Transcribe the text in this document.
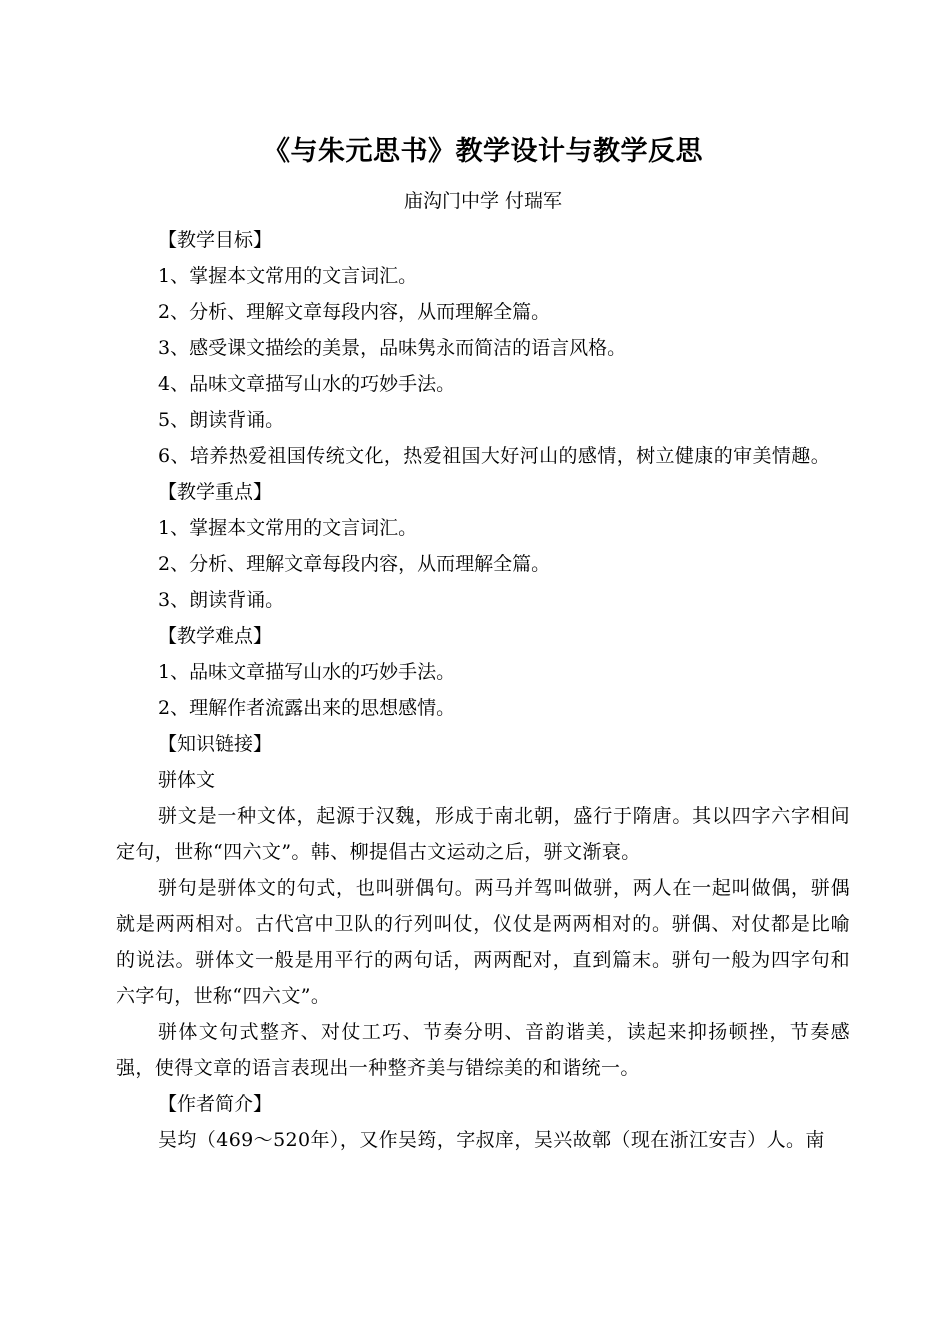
《与朱元思书》教学设计与教学反思
庙沟门中学 付瑞军

【教学目标】

1、掌握本文常用的文言词汇。

2、分析、理解文章每段内容，从而理解全篇。

3、感受课文描绘的美景，品味隽永而简洁的语言风格。

4、品味文章描写山水的巧妙手法。

5、朗读背诵。

6、培养热爱祖国传统文化，热爱祖国大好河山的感情，树立健康的审美情趣。

【教学重点】

1、掌握本文常用的文言词汇。

2、分析、理解文章每段内容，从而理解全篇。

3、朗读背诵。

【教学难点】

1、品味文章描写山水的巧妙手法。

2、理解作者流露出来的思想感情。

【知识链接】

骈体文

骈文是一种文体，起源于汉魏，形成于南北朝，盛行于隋唐。其以四字六字相间定句，世称“四六文”。韩、柳提倡古文运动之后，骈文渐衰。

骈句是骈体文的句式，也叫骈偶句。两马并驾叫做骈，两人在一起叫做偶，骈偶就是两两相对。古代宫中卫队的行列叫仗，仪仗是两两相对的。骈偶、对仗都是比喻的说法。骈体文一般是用平行的两句话，两两配对，直到篇末。骈句一般为四字句和六字句，世称“四六文”。

骈体文句式整齐、对仗工巧、节奏分明、音韵谐美，读起来抑扬顿挫，节奏感强，使得文章的语言表现出一种整齐美与错综美的和谐统一。

【作者简介】

吴均（469～520年），又作吴筠，字叔庠，吴兴故鄣（现在浙江安吉）人。南
